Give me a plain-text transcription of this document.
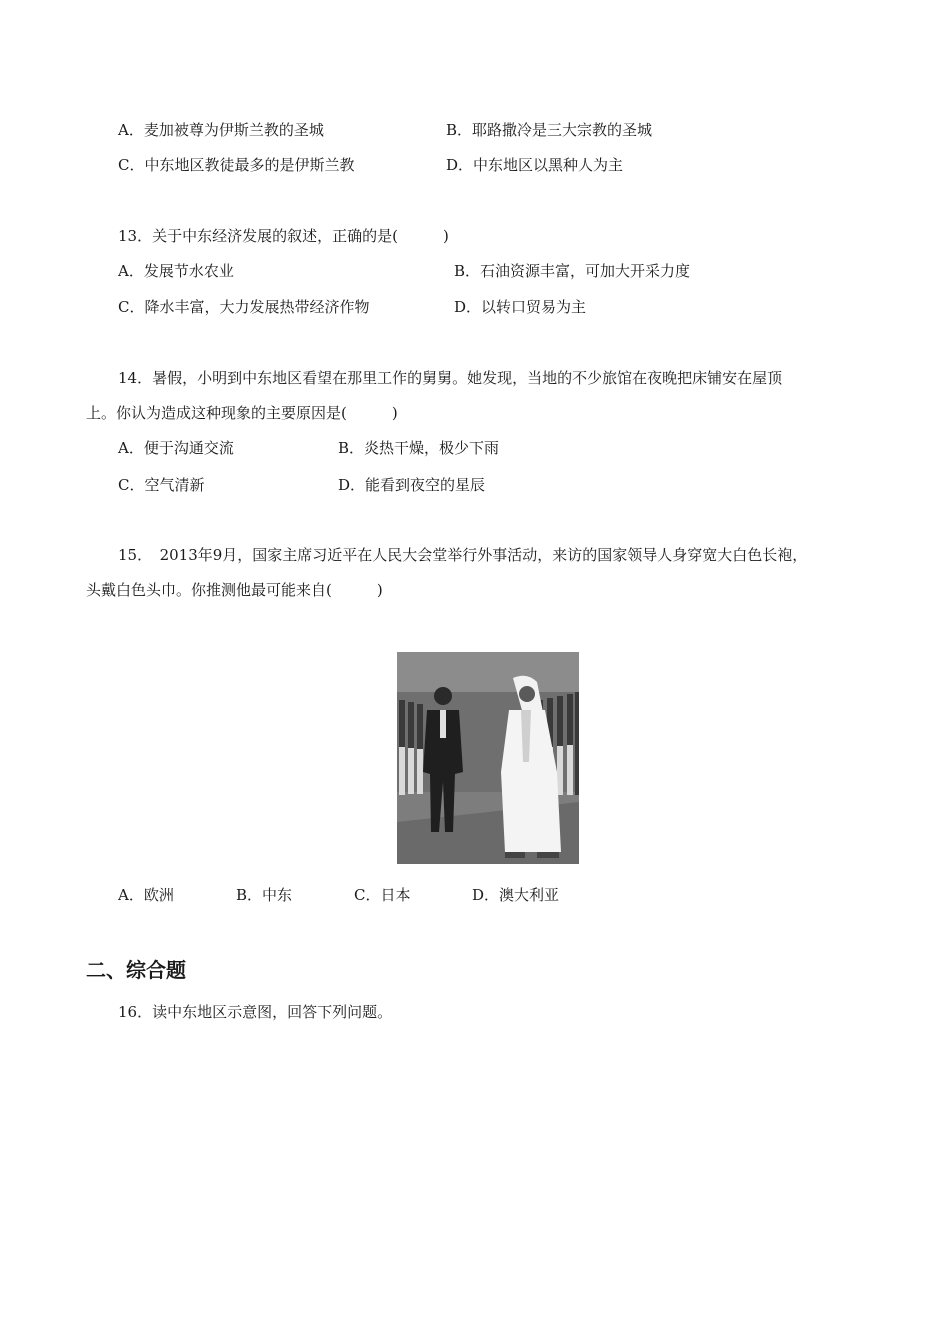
A．麦加被尊为伊斯兰教的圣城	B．耶路撒冷是三大宗教的圣城
C．中东地区教徒最多的是伊斯兰教	D．中东地区以黑种人为主
13．关于中东经济发展的叙述，正确的是(　　　)
A．发展节水农业	B．石油资源丰富，可加大开采力度
C．降水丰富，大力发展热带经济作物	D．以转口贸易为主
14．暑假，小明到中东地区看望在那里工作的舅舅。她发现，当地的不少旅馆在夜晚把床铺安在屋顶
上。你认为造成这种现象的主要原因是(　　　)
A．便于沟通交流	B．炎热干燥，极少下雨
C．空气清新	D．能看到夜空的星辰
15．　2013年9月，国家主席习近平在人民大会堂举行外事活动，来访的国家领导人身穿宽大白色长袍，
头戴白色头巾。你推测他最可能来自(　　　)
A．欧洲	B．中东	C．日本	D．澳大利亚
二、综合题
16．读中东地区示意图，回答下列问题。
